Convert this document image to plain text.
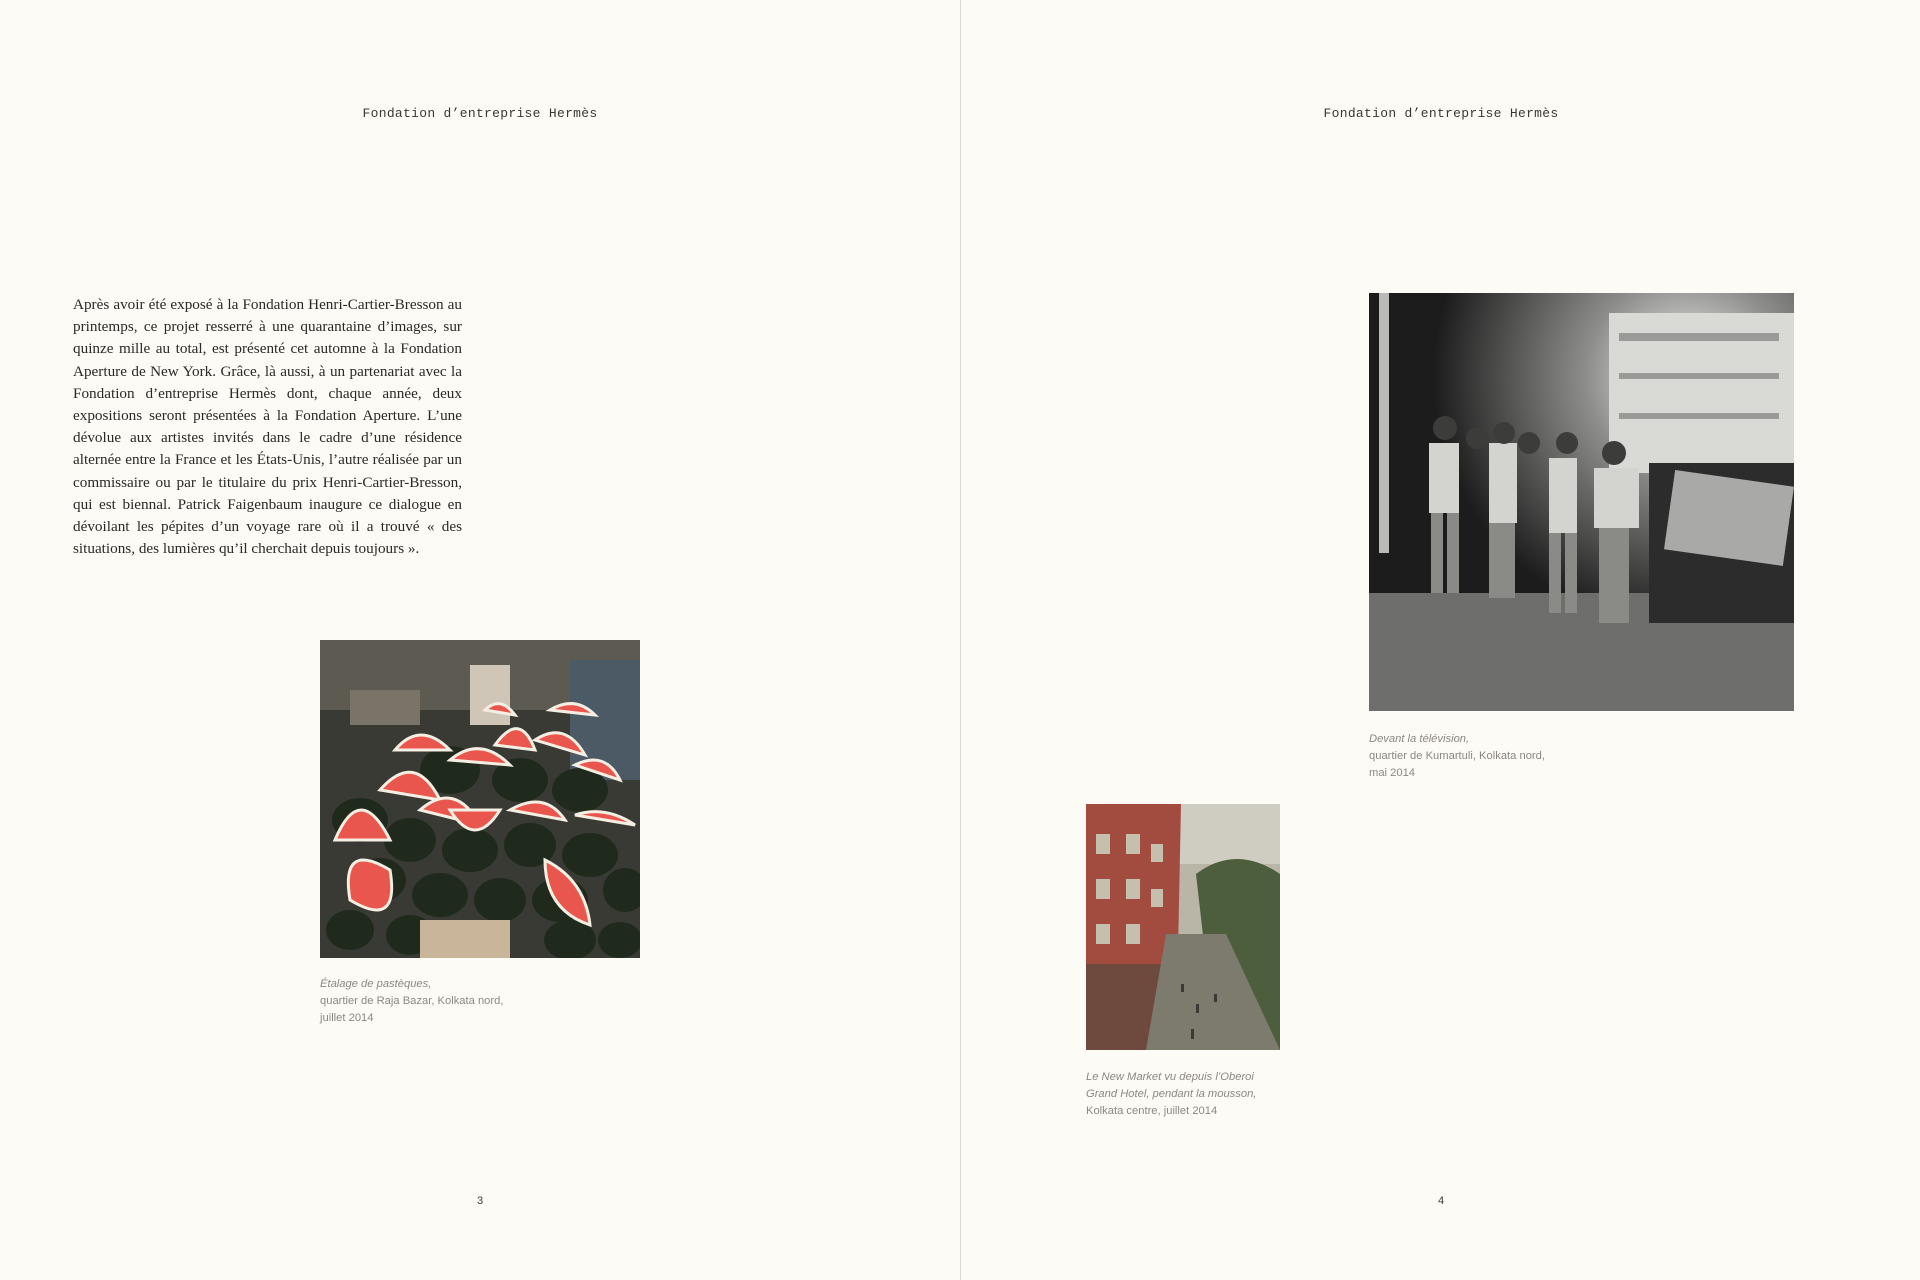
Fondation d’entreprise Hermès
Après avoir été exposé à la Fondation Henri-Cartier-Bresson au printemps, ce projet resserré à une quarantaine d’images, sur quinze mille au total, est présenté cet automne à la Fondation Aperture de New York. Grâce, là aussi, à un partenariat avec la Fondation d’entreprise Hermès dont, chaque année, deux expositions seront présentées à la Fondation Aperture. L’une dévolue aux artistes invités dans le cadre d’une résidence alternée entre la France et les États-Unis, l’autre réalisée par un commissaire ou par le titulaire du prix Henri-Cartier-Bresson, qui est biennal. Patrick Faigenbaum inaugure ce dialogue en dévoilant les pépites d’un voyage rare où il a trouvé « des situations, des lumières qu’il cherchait depuis toujours ».
Étalage de pastèques,
quartier de Raja Bazar, Kolkata nord,
juillet 2014
3
Fondation d’entreprise Hermès
Devant la télévision,
quartier de Kumartuli, Kolkata nord,
mai 2014
Le New Market vu depuis l’Oberoi
Grand Hotel, pendant la mousson,
Kolkata centre, juillet 2014
4
